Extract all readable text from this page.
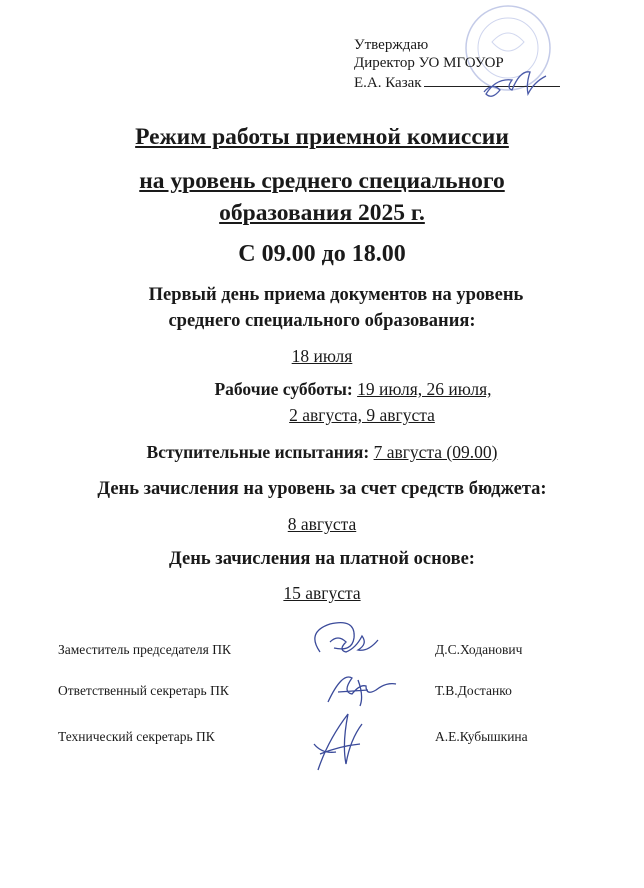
Утверждаю
Директор УО МГОУОР
Е.А. Казак
Режим работы приемной комиссии
на уровень среднего специального
образования 2025 г.
С 09.00 до 18.00
Первый день приема документов на уровень
среднего специального образования:
18 июля
Рабочие субботы: 19 июля, 26 июля,
2 августа, 9 августа
Вступительные испытания: 7 августа (09.00)
День зачисления на уровень за счет средств бюджета:
8 августа
День зачисления на платной основе:
15 августа
Заместитель председателя ПК	Д.С.Ходанович
Ответственный секретарь ПК	Т.В.Достанко
Технический секретарь ПК	А.Е.Кубышкина
